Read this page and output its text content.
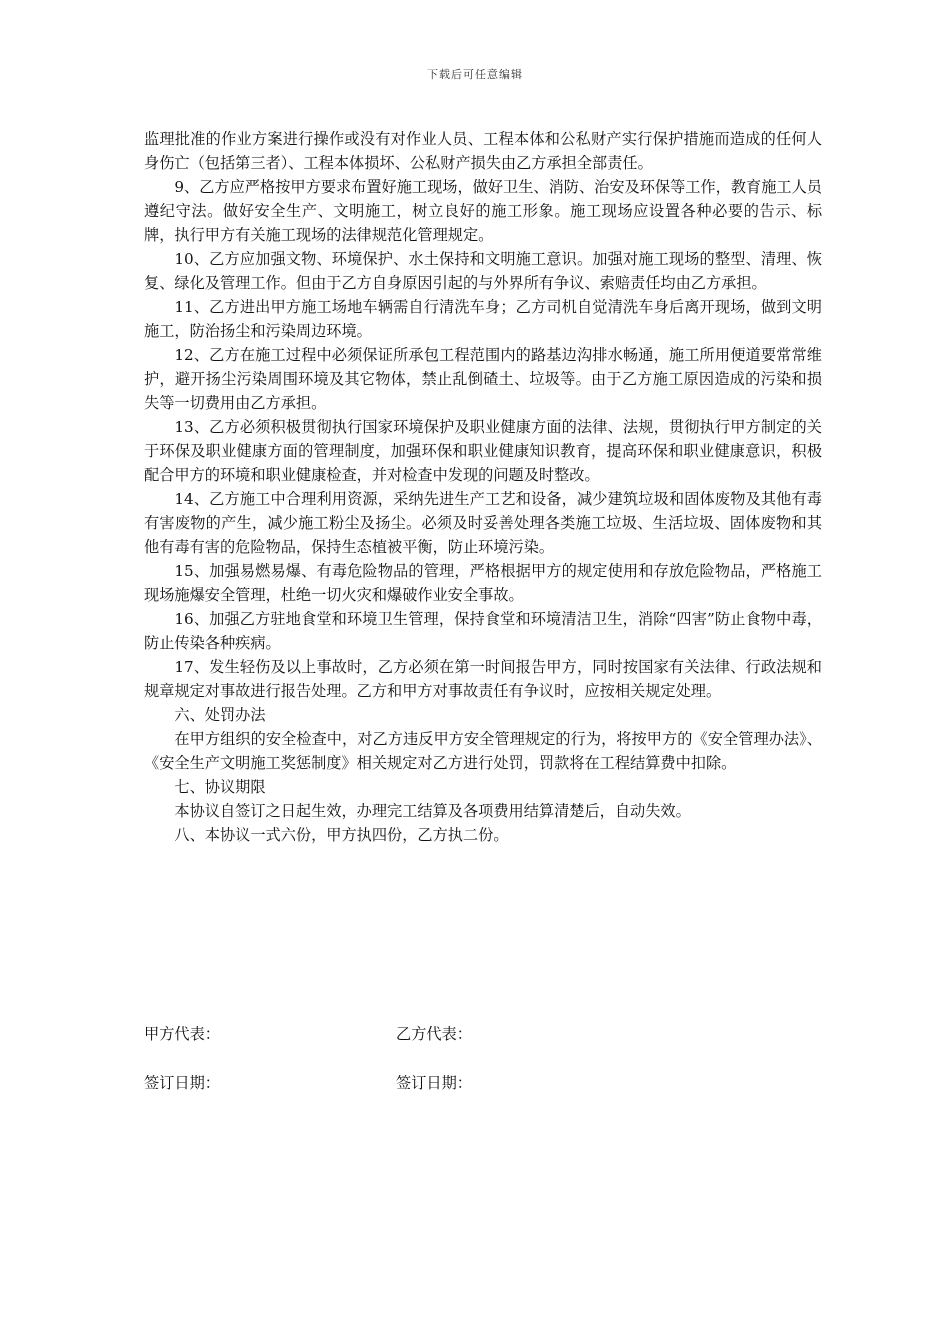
下载后可任意编辑

监理批准的作业方案进行操作或没有对作业人员、工程本体和公私财产实行保护措施而造成的任何人身伤亡（包括第三者）、工程本体损坏、公私财产损失由乙方承担全部责任。

9、乙方应严格按甲方要求布置好施工现场，做好卫生、消防、治安及环保等工作，教育施工人员遵纪守法。做好安全生产、文明施工，树立良好的施工形象。施工现场应设置各种必要的告示、标牌，执行甲方有关施工现场的法律规范化管理规定。

10、乙方应加强文物、环境保护、水土保持和文明施工意识。加强对施工现场的整型、清理、恢复、绿化及管理工作。但由于乙方自身原因引起的与外界所有争议、索赔责任均由乙方承担。

11、乙方进出甲方施工场地车辆需自行清洗车身；乙方司机自觉清洗车身后离开现场，做到文明施工，防治扬尘和污染周边环境。

12、乙方在施工过程中必须保证所承包工程范围内的路基边沟排水畅通，施工所用便道要常常维护，避开扬尘污染周围环境及其它物体，禁止乱倒碴土、垃圾等。由于乙方施工原因造成的污染和损失等一切费用由乙方承担。

13、乙方必须积极贯彻执行国家环境保护及职业健康方面的法律、法规，贯彻执行甲方制定的关于环保及职业健康方面的管理制度，加强环保和职业健康知识教育，提高环保和职业健康意识，积极配合甲方的环境和职业健康检查，并对检查中发现的问题及时整改。

14、乙方施工中合理利用资源，采纳先进生产工艺和设备，减少建筑垃圾和固体废物及其他有毒有害废物的产生，减少施工粉尘及扬尘。必须及时妥善处理各类施工垃圾、生活垃圾、固体废物和其他有毒有害的危险物品，保持生态植被平衡，防止环境污染。

15、加强易燃易爆、有毒危险物品的管理，严格根据甲方的规定使用和存放危险物品，严格施工现场施爆安全管理，杜绝一切火灾和爆破作业安全事故。

16、加强乙方驻地食堂和环境卫生管理，保持食堂和环境清洁卫生，消除“四害”防止食物中毒，防止传染各种疾病。

17、发生轻伤及以上事故时，乙方必须在第一时间报告甲方，同时按国家有关法律、行政法规和规章规定对事故进行报告处理。乙方和甲方对事故责任有争议时，应按相关规定处理。

六、处罚办法

在甲方组织的安全检查中，对乙方违反甲方安全管理规定的行为，将按甲方的《安全管理办法》、《安全生产文明施工奖惩制度》相关规定对乙方进行处罚，罚款将在工程结算费中扣除。

七、协议期限

本协议自签订之日起生效，办理完工结算及各项费用结算清楚后，自动失效。

八、本协议一式六份，甲方执四份，乙方执二份。

甲方代表：	乙方代表：
签订日期：	签订日期：
